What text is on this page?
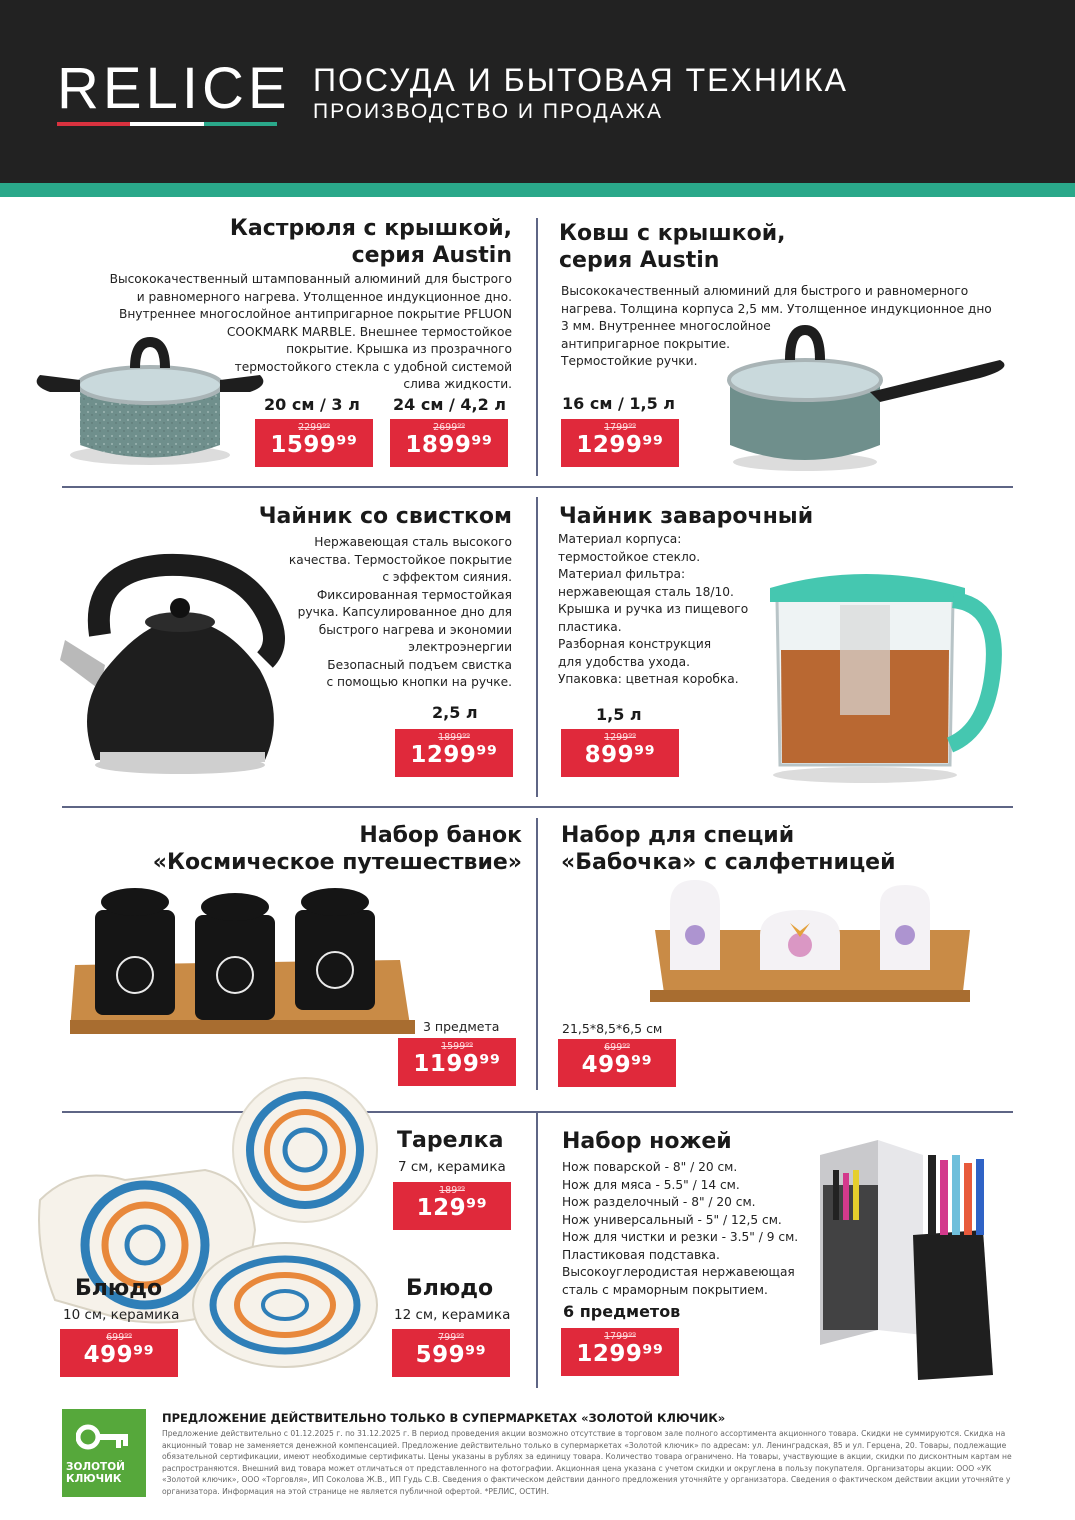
RELICE ПОСУДА И БЫТОВАЯ ТЕХНИКА
ПРОИЗВОДСТВО И ПРОДАЖА
Кастрюля с крышкой,
серия Austin
Высококачественный штампованный алюминий для быстрого
и равномерного нагрева. Утолщенное индукционное дно.
Внутреннее многослойное антипригарное покрытие PFLUON
COOKMARK MARBLE. Внешнее термостойкое
покрытие. Крышка из прозрачного
термостойкого стекла с удобной системой
слива жидкости.
20 см / 3 л 24 см / 4,2 л
2299⁹⁹
1599⁹⁹
2699⁹⁹
1899⁹⁹
Ковш с крышкой,
серия Austin
Высококачественный алюминий для быстрого и равномерного
нагрева. Толщина корпуса 2,5 мм. Утолщенное индукционное дно
3 мм. Внутреннее многослойное
антипригарное покрытие.
Термостойкие ручки.
16 см / 1,5 л
1799⁹⁹
1299⁹⁹
Чайник со свистком
Нержавеющая сталь высокого
качества. Термостойкое покрытие
с эффектом сияния.
Фиксированная термостойкая
ручка. Капсулированное дно для
быстрого нагрева и экономии
электроэнергии
Безопасный подъем свистка
с помощью кнопки на ручке.
2,5 л
1899⁹⁹
1299⁹⁹
Чайник заварочный
Материал корпуса:
термостойкое стекло.
Материал фильтра:
нержавеющая сталь 18/10.
Крышка и ручка из пищевого
пластика.
Разборная конструкция
для удобства ухода.
Упаковка: цветная коробка.
1,5 л
1299⁹⁹
899⁹⁹
Набор банок
«Космическое путешествие»
3 предмета
1599⁹⁹
1199⁹⁹
Набор для специй
«Бабочка» с салфетницей
21,5*8,5*6,5 см
699⁹⁹
499⁹⁹
Тарелка
7 см, керамика
189⁹⁹
129⁹⁹
Блюдо
10 см, керамика
699⁹⁹
499⁹⁹
Блюдо
12 см, керамика
799⁹⁹
599⁹⁹
Набор ножей
Нож поварской - 8" / 20 см.
Нож для мяса - 5.5" / 14 см.
Нож разделочный - 8" / 20 см.
Нож универсальный - 5" / 12,5 см.
Нож для чистки и резки - 3.5" / 9 см.
Пластиковая подставка.
Высокоуглеродистая нержавеющая
сталь с мраморным покрытием.
6 предметов
1799⁹⁹
1299⁹⁹
ЗОЛОТОЙ
КЛЮЧИК
ПРЕДЛОЖЕНИЕ ДЕЙСТВИТЕЛЬНО ТОЛЬКО В СУПЕРМАРКЕТАХ «ЗОЛОТОЙ КЛЮЧИК»
Предложение действительно с 01.12.2025 г. по 31.12.2025 г. В период проведения акции возможно отсутствие в торговом зале полного ассортимента акционного товара. Скидки не суммируются. Скидка на акционный товар не заменяется денежной компенсацией. Предложение действительно только в супермаркетах «Золотой ключик» по адресам: ул. Ленинградская, 85 и ул. Герцена, 20. Товары, подлежащие обязательной сертификации, имеют необходимые сертификаты. Цены указаны в рублях за единицу товара. Количество товара ограничено. На товары, участвующие в акции, скидки по дисконтным картам не распространяются. Внешний вид товара может отличаться от представленного на фотографии. Акционная цена указана с учетом скидки и округлена в пользу покупателя. Организаторы акции: ООО «УК «Золотой ключик», ООО «Торговля», ИП Соколова Ж.В., ИП Гудь С.В. Сведения о фактическом действии данного предложения уточняйте у организатора. Сведения о фактическом действии акции уточняйте у организатора. Информация на этой странице не является публичной офертой. *РЕЛИС, ОСТИН.
